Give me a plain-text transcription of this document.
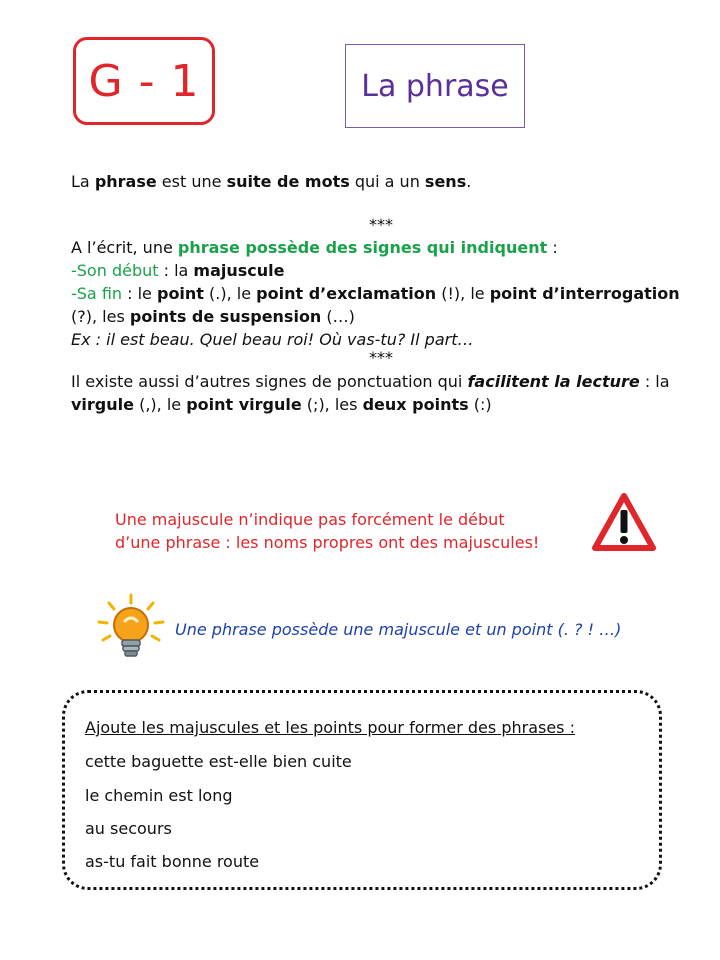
G - 1	La phrase
La phrase est une suite de mots qui a un sens.
***
A l’écrit, une phrase possède des signes qui indiquent :
-Son début : la majuscule
-Sa fin : le point (.), le point d’exclamation (!), le point d’interrogation (?), les points de suspension (…)
Ex : il est beau. Quel beau roi! Où vas-tu? Il part…
***
Il existe aussi d’autres signes de ponctuation qui facilitent la lecture : la virgule (,), le point virgule (;), les deux points (:)
Une majuscule n’indique pas forcément le début
d’une phrase : les noms propres ont des majuscules!
Une phrase possède une majuscule et un point (. ? ! …)
Ajoute les majuscules et les points pour former des phrases :
cette baguette est-elle bien cuite
le chemin est long
au secours
as-tu fait bonne route
